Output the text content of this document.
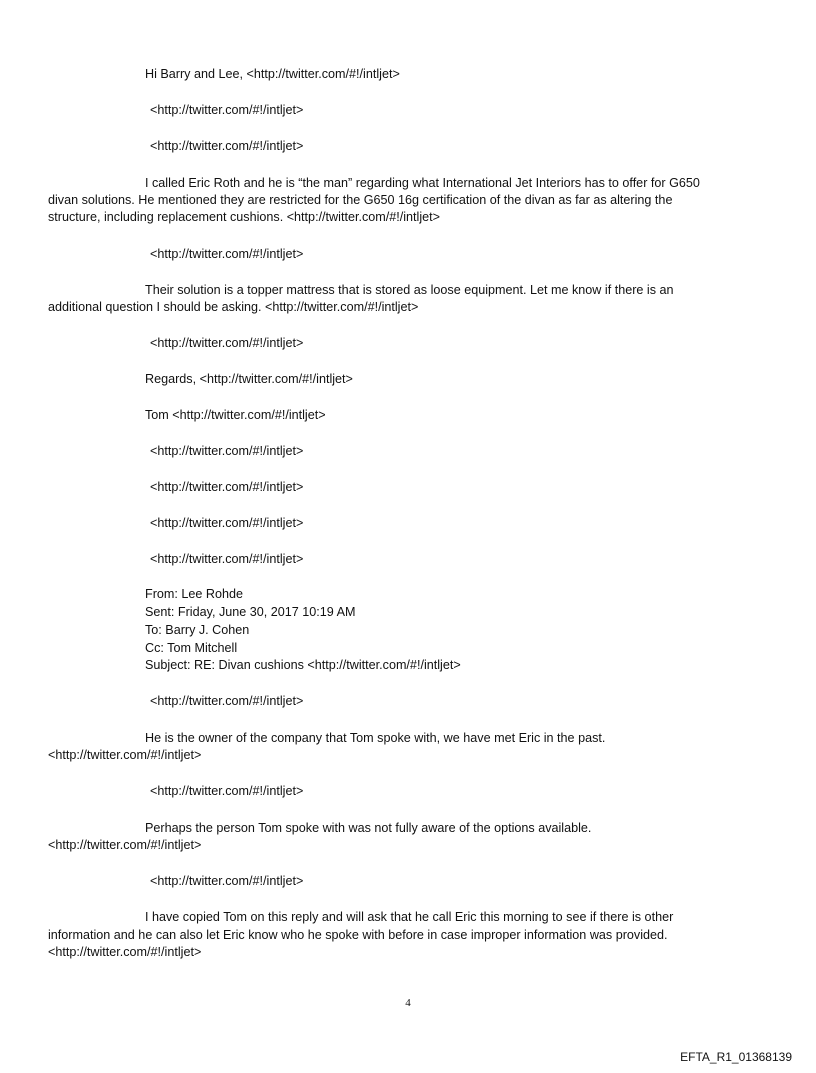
Hi Barry and Lee, <http://twitter.com/#!/intljet>

<http://twitter.com/#!/intljet>

<http://twitter.com/#!/intljet>

I called Eric Roth and he is “the man” regarding what International Jet Interiors has to offer for G650

divan solutions. He mentioned they are restricted for the G650 16g certification of the divan as far as altering the

structure, including replacement cushions. <http://twitter.com/#!/intljet>

<http://twitter.com/#!/intljet>

Their solution is a topper mattress that is stored as loose equipment. Let me know if there is an

additional question I should be asking. <http://twitter.com/#!/intljet>

<http://twitter.com/#!/intljet>

Regards, <http://twitter.com/#!/intljet>

Tom <http://twitter.com/#!/intljet>

<http://twitter.com/#!/intljet>

<http://twitter.com/#!/intljet>

<http://twitter.com/#!/intljet>

<http://twitter.com/#!/intljet>

From: Lee Rohde

Sent: Friday, June 30, 2017 10:19 AM

To: Barry J. Cohen

Cc: Tom Mitchell

Subject: RE: Divan cushions <http://twitter.com/#!/intljet>

<http://twitter.com/#!/intljet>

He is the owner of the company that Tom spoke with, we have met Eric in the past.

<http://twitter.com/#!/intljet>

<http://twitter.com/#!/intljet>

Perhaps the person Tom spoke with was not fully aware of the options available.

<http://twitter.com/#!/intljet>

<http://twitter.com/#!/intljet>

I have copied Tom on this reply and will ask that he call Eric this morning to see if there is other

information and he can also let Eric know who he spoke with before in case improper information was provided.

<http://twitter.com/#!/intljet>

4
EFTA_R1_01368139
